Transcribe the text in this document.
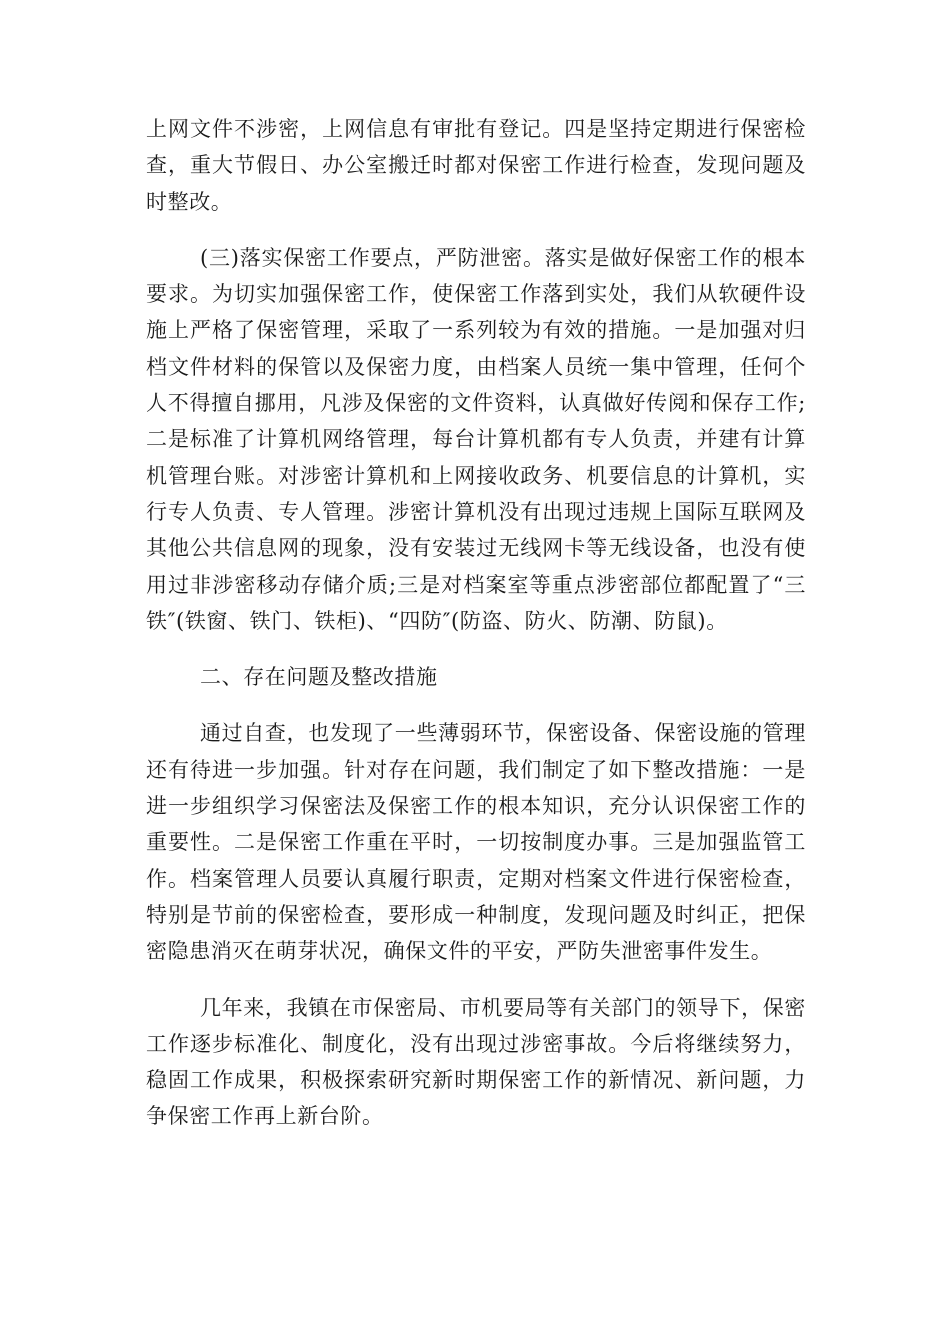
上网文件不涉密，上网信息有审批有登记。四是坚持定期进行保密检查，重大节假日、办公室搬迁时都对保密工作进行检查，发现问题及时整改。

(三)落实保密工作要点，严防泄密。落实是做好保密工作的根本要求。为切实加强保密工作，使保密工作落到实处，我们从软硬件设施上严格了保密管理，采取了一系列较为有效的措施。一是加强对归档文件材料的保管以及保密力度，由档案人员统一集中管理，任何个人不得擅自挪用，凡涉及保密的文件资料，认真做好传阅和保存工作;二是标准了计算机网络管理，每台计算机都有专人负责，并建有计算机管理台账。对涉密计算机和上网接收政务、机要信息的计算机，实行专人负责、专人管理。涉密计算机没有出现过违规上国际互联网及其他公共信息网的现象，没有安装过无线网卡等无线设备，也没有使用过非涉密移动存储介质;三是对档案室等重点涉密部位都配置了“三铁″(铁窗、铁门、铁柜)、“四防″(防盗、防火、防潮、防鼠)。

二、存在问题及整改措施

通过自查，也发现了一些薄弱环节，保密设备、保密设施的管理还有待进一步加强。针对存在问题，我们制定了如下整改措施：一是进一步组织学习保密法及保密工作的根本知识，充分认识保密工作的重要性。二是保密工作重在平时，一切按制度办事。三是加强监管工作。档案管理人员要认真履行职责，定期对档案文件进行保密检查，特别是节前的保密检查，要形成一种制度，发现问题及时纠正，把保密隐患消灭在萌芽状况，确保文件的平安，严防失泄密事件发生。

几年来，我镇在市保密局、市机要局等有关部门的领导下，保密工作逐步标准化、制度化，没有出现过涉密事故。今后将继续努力，稳固工作成果，积极探索研究新时期保密工作的新情况、新问题，力争保密工作再上新台阶。
